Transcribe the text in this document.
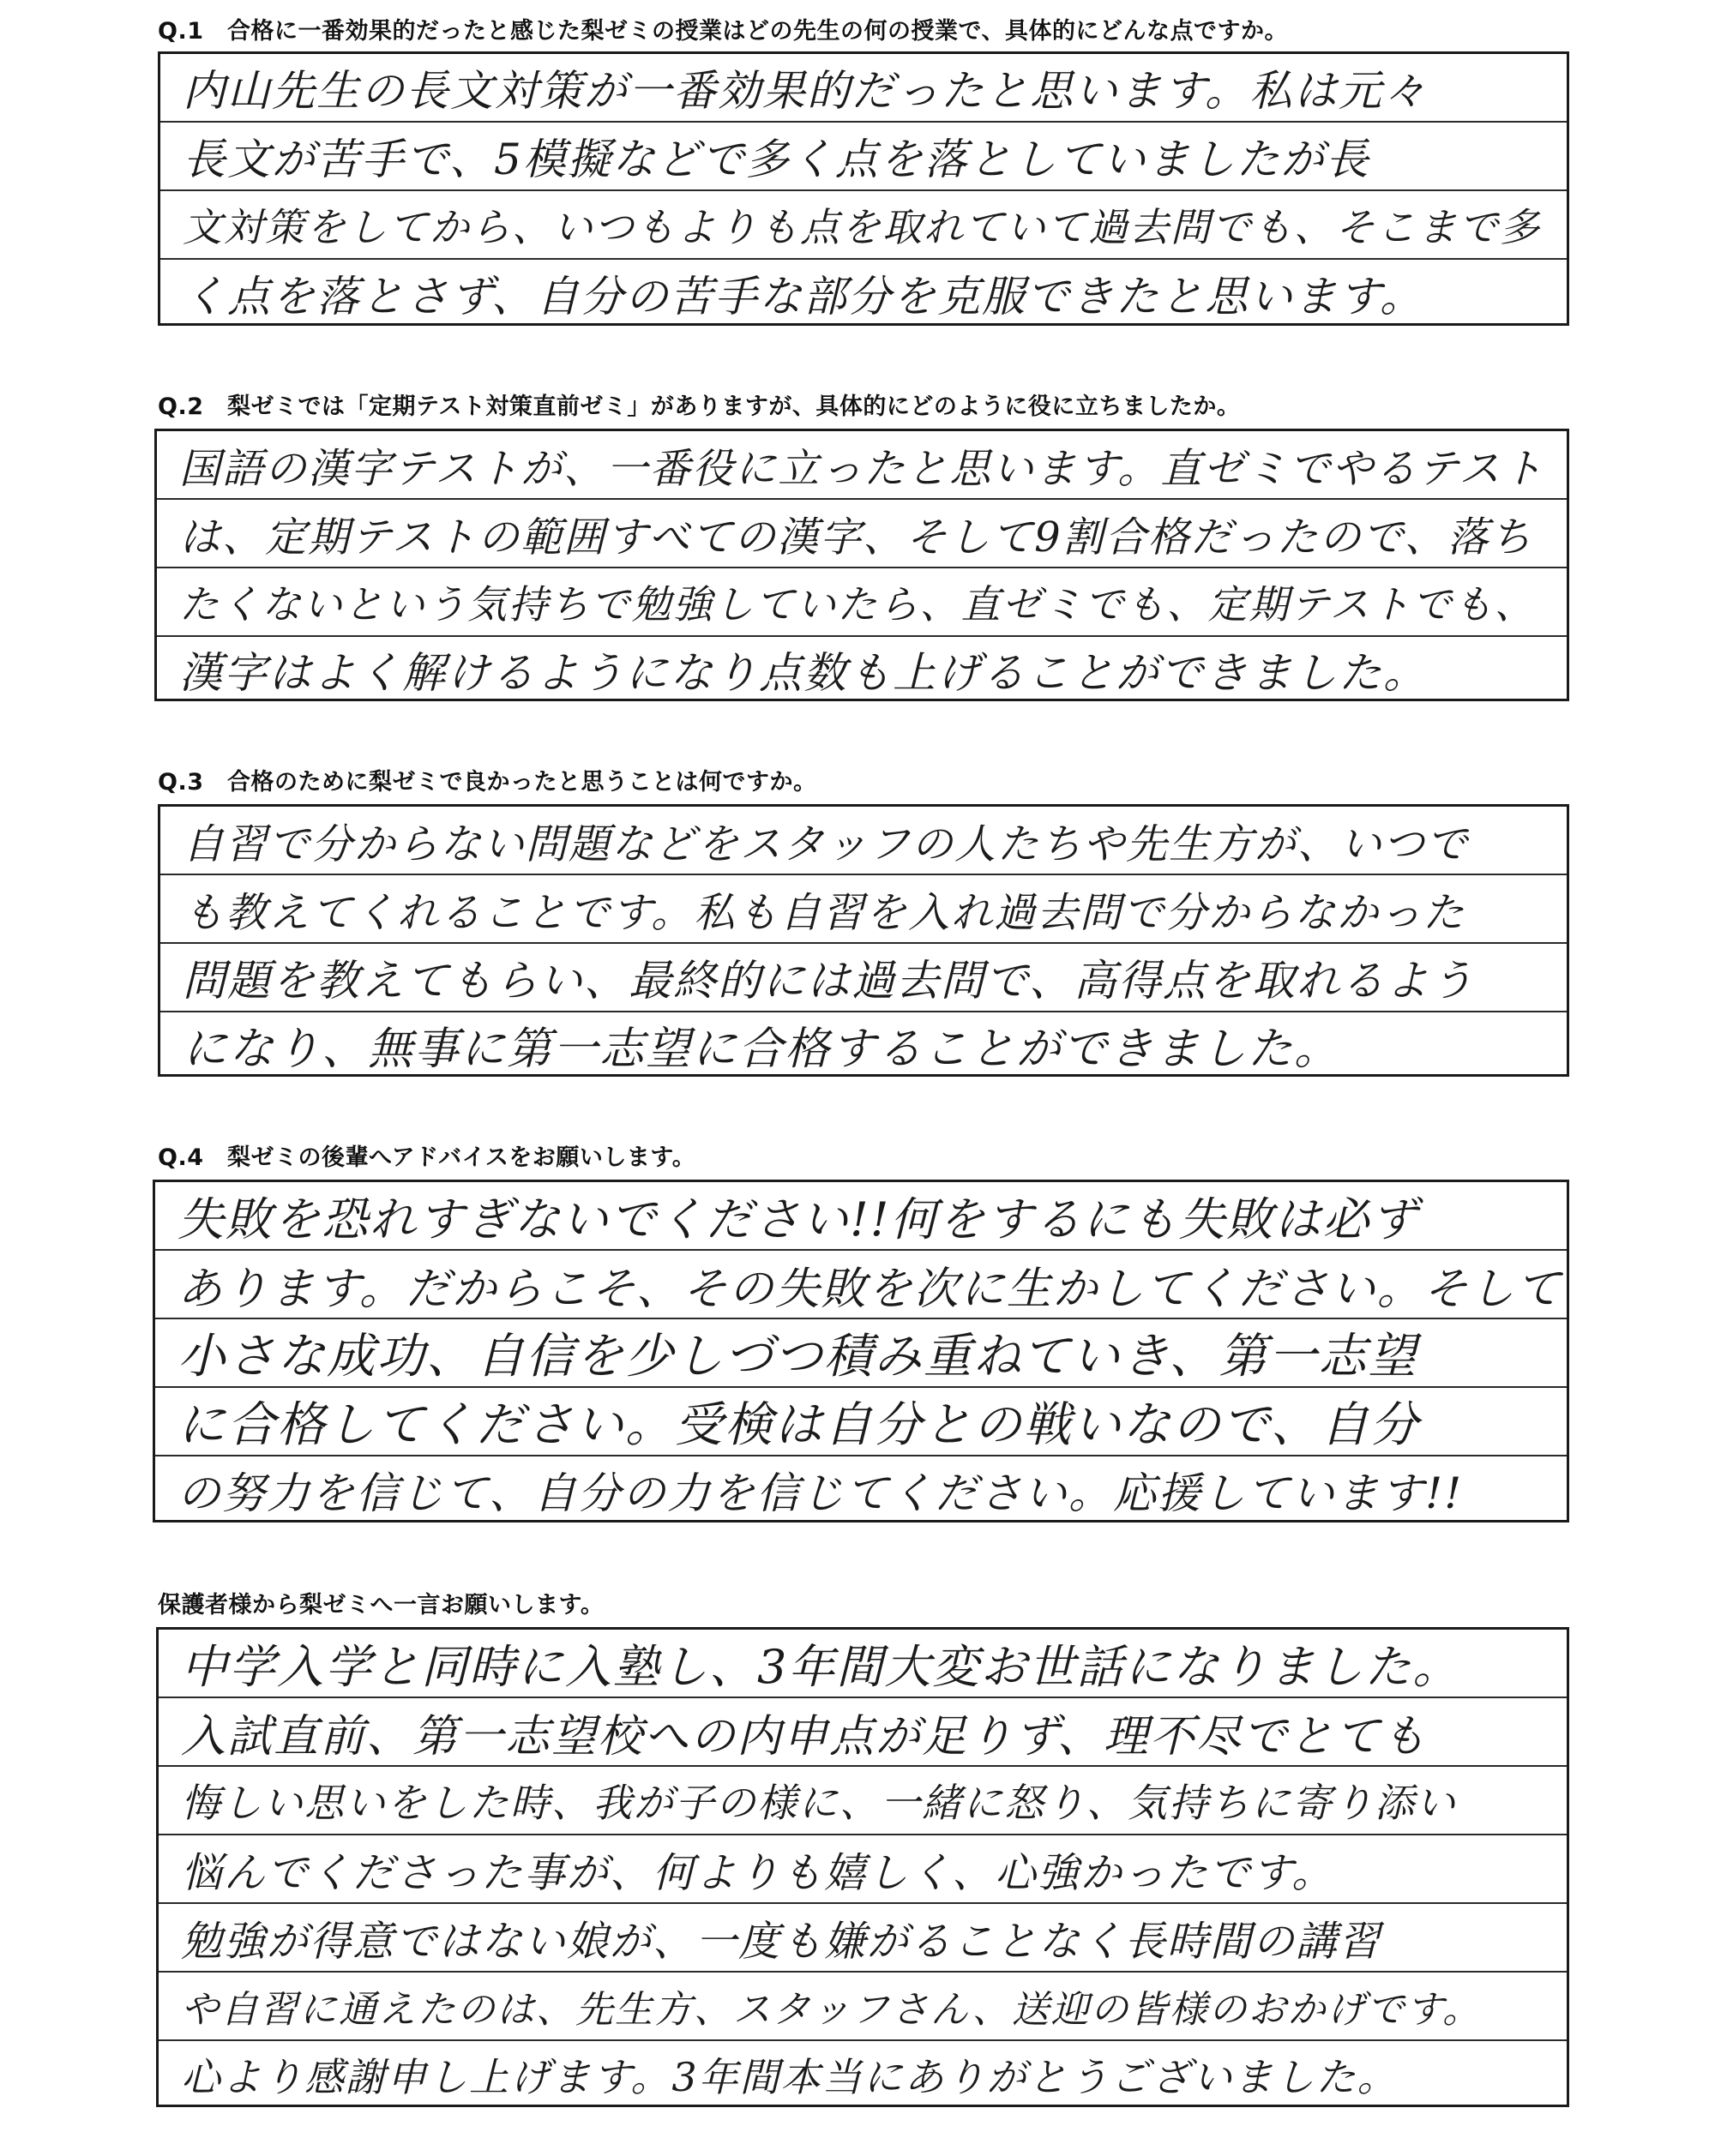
Q.1　合格に一番効果的だったと感じた梨ゼミの授業はどの先生の何の授業で、具体的にどんな点ですか。
内山先生の長文対策が一番効果的だったと思います。私は元々
長文が苦手で、5模擬などで多く点を落としていましたが長
文対策をしてから、いつもよりも点を取れていて過去問でも、そこまで多
く点を落とさず、自分の苦手な部分を克服できたと思います。
Q.2　梨ゼミでは「定期テスト対策直前ゼミ」がありますが、具体的にどのように役に立ちましたか。
国語の漢字テストが、一番役に立ったと思います。直ゼミでやるテスト
は、定期テストの範囲すべての漢字、そして9割合格だったので、落ち
たくないという気持ちで勉強していたら、直ゼミでも、定期テストでも、
漢字はよく解けるようになり点数も上げることができました。
Q.3　合格のために梨ゼミで良かったと思うことは何ですか。
自習で分からない問題などをスタッフの人たちや先生方が、いつで
も教えてくれることです。私も自習を入れ過去問で分からなかった
問題を教えてもらい、最終的には過去問で、高得点を取れるよう
になり、無事に第一志望に合格することができました。
Q.4　梨ゼミの後輩へアドバイスをお願いします。
失敗を恐れすぎないでください!!何をするにも失敗は必ず
あります。だからこそ、その失敗を次に生かしてください。そして
小さな成功、自信を少しづつ積み重ねていき、第一志望
に合格してください。受検は自分との戦いなので、自分
の努力を信じて、自分の力を信じてください。応援しています!!
保護者様から梨ゼミへ一言お願いします。
中学入学と同時に入塾し、3年間大変お世話になりました。
入試直前、第一志望校への内申点が足りず、理不尽でとても
悔しい思いをした時、我が子の様に、一緒に怒り、気持ちに寄り添い
悩んでくださった事が、何よりも嬉しく、心強かったです。
勉強が得意ではない娘が、一度も嫌がることなく長時間の講習
や自習に通えたのは、先生方、スタッフさん、送迎の皆様のおかげです。
心より感謝申し上げます。3年間本当にありがとうございました。
